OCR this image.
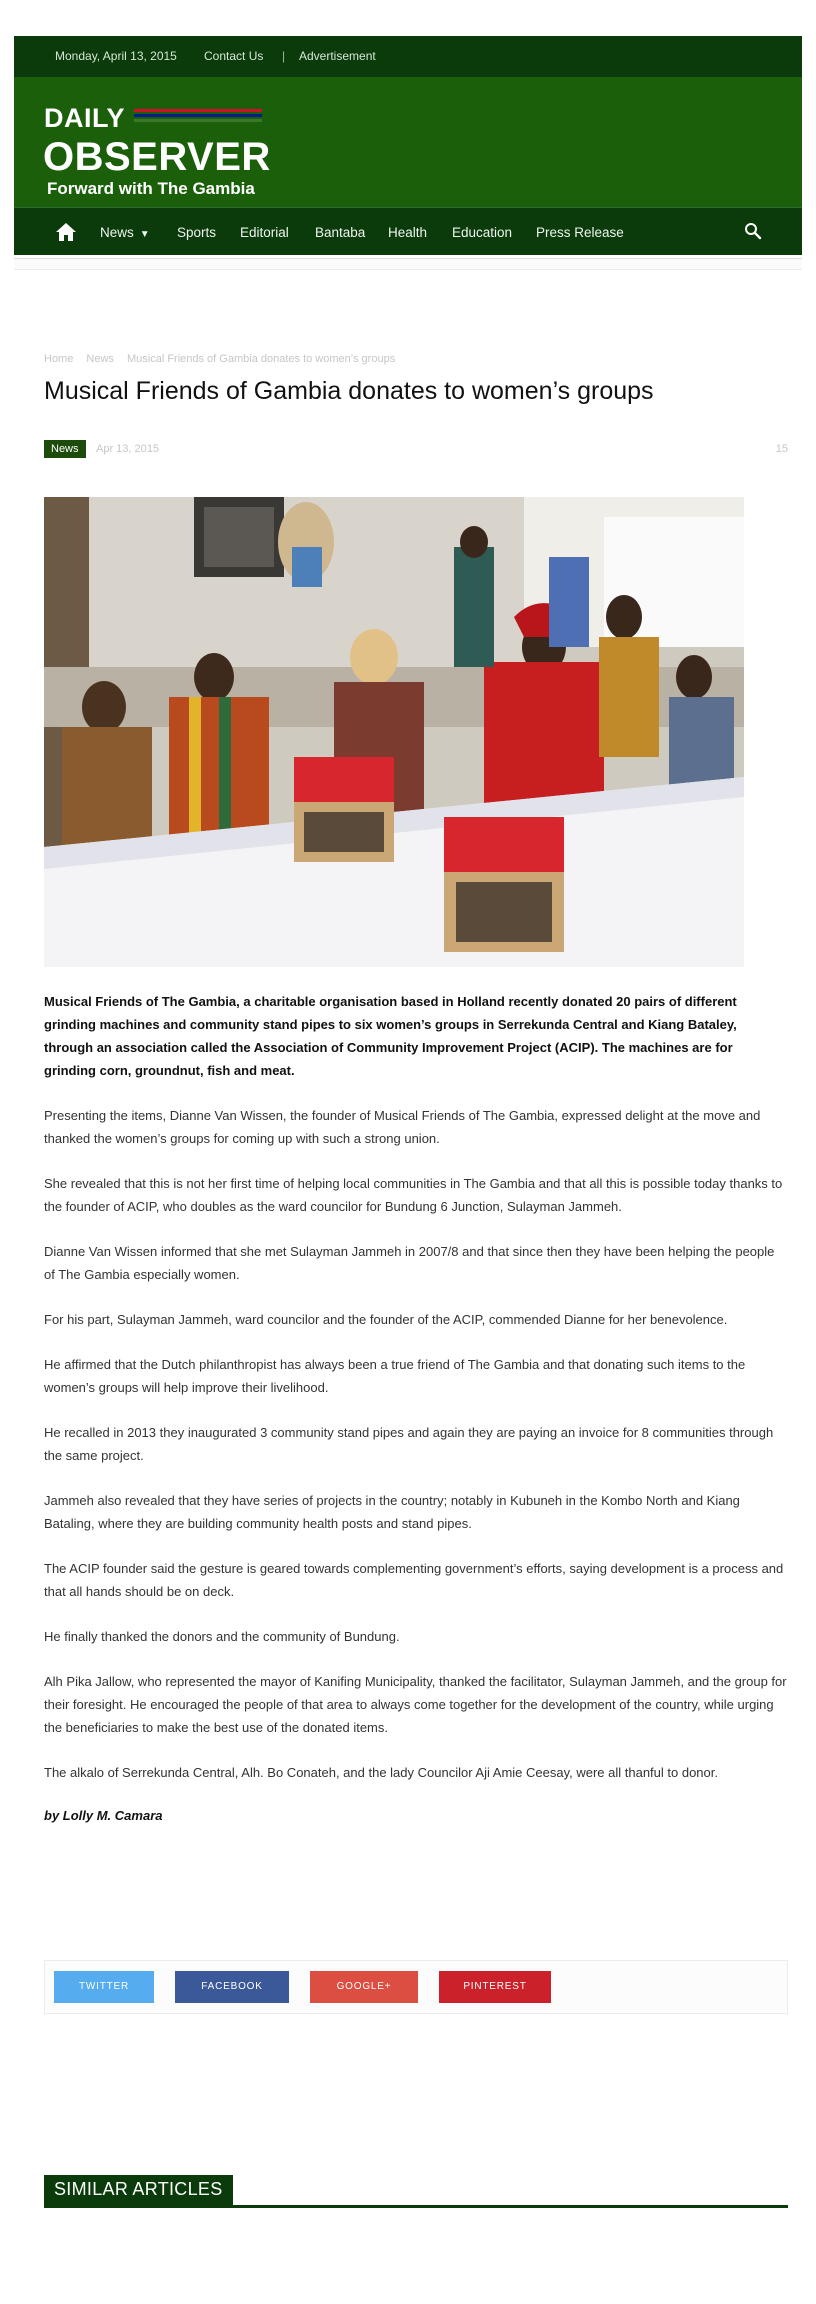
Monday, April 13, 2015 Contact Us | Advertisement
DAILY
OBSERVER
Forward with The Gambia
News ▼ Sports Editorial Bantaba Health Education Press Release
Home News Musical Friends of Gambia donates to women’s groups
Musical Friends of Gambia donates to women’s groups
News	Apr 13, 2015	15

Musical Friends of The Gambia, a charitable organisation based in Holland recently donated 20 pairs of different grinding machines and community stand pipes to six women’s groups in Serrekunda Central and Kiang Bataley, through an association called the Association of Community Improvement Project (ACIP). The machines are for grinding corn, groundnut, fish and meat.

Presenting the items, Dianne Van Wissen, the founder of Musical Friends of The Gambia, expressed delight at the move and thanked the women’s groups for coming up with such a strong union.

She revealed that this is not her first time of helping local communities in The Gambia and that all this is possible today thanks to the founder of ACIP, who doubles as the ward councilor for Bundung 6 Junction, Sulayman Jammeh.

Dianne Van Wissen informed that she met Sulayman Jammeh in 2007/8 and that since then they have been helping the people of The Gambia especially women.

For his part, Sulayman Jammeh, ward councilor and the founder of the ACIP, commended Dianne for her benevolence.

He affirmed that the Dutch philanthropist has always been a true friend of The Gambia and that donating such items to the women’s groups will help improve their livelihood.

He recalled in 2013 they inaugurated 3 community stand pipes and again they are paying an invoice for 8 communities through the same project.

Jammeh also revealed that they have series of projects in the country; notably in Kubuneh in the Kombo North and Kiang Bataling, where they are building community health posts and stand pipes.

The ACIP founder said the gesture is geared towards complementing government’s efforts, saying development is a process and that all hands should be on deck.

He finally thanked the donors and the community of Bundung.

Alh Pika Jallow, who represented the mayor of Kanifing Municipality, thanked the facilitator, Sulayman Jammeh, and the group for their foresight. He encouraged the people of that area to always come together for the development of the country, while urging the beneficiaries to make the best use of the donated items.

The alkalo of Serrekunda Central, Alh. Bo Conateh, and the lady Councilor Aji Amie Ceesay, were all thanful to donor.

by Lolly M. Camara

TWITTER	FACEBOOK	GOOGLE+	PINTEREST
SIMILAR ARTICLES
